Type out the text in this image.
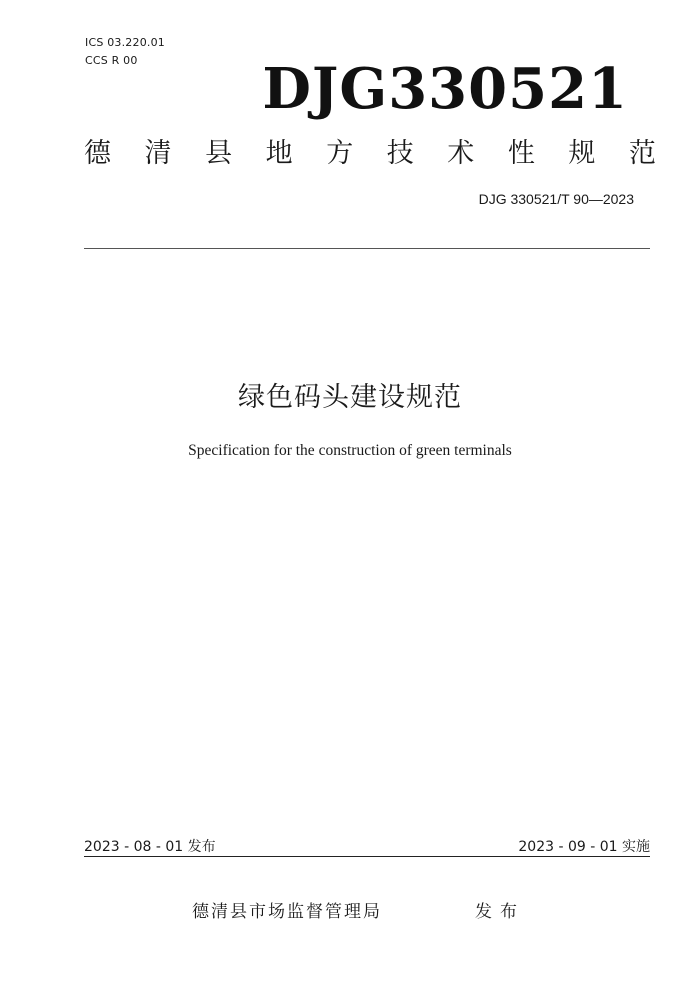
ICS 03.220.01
CCS R 00 DJG330521
德 清 县 地 方 技 术 性 规 范
DJG 330521/T 90—2023
绿色码头建设规范
Specification for the construction of green terminals
2023 - 08 - 01 发布	2023 - 09 - 01 实施
德清县市场监督管理局	发布
